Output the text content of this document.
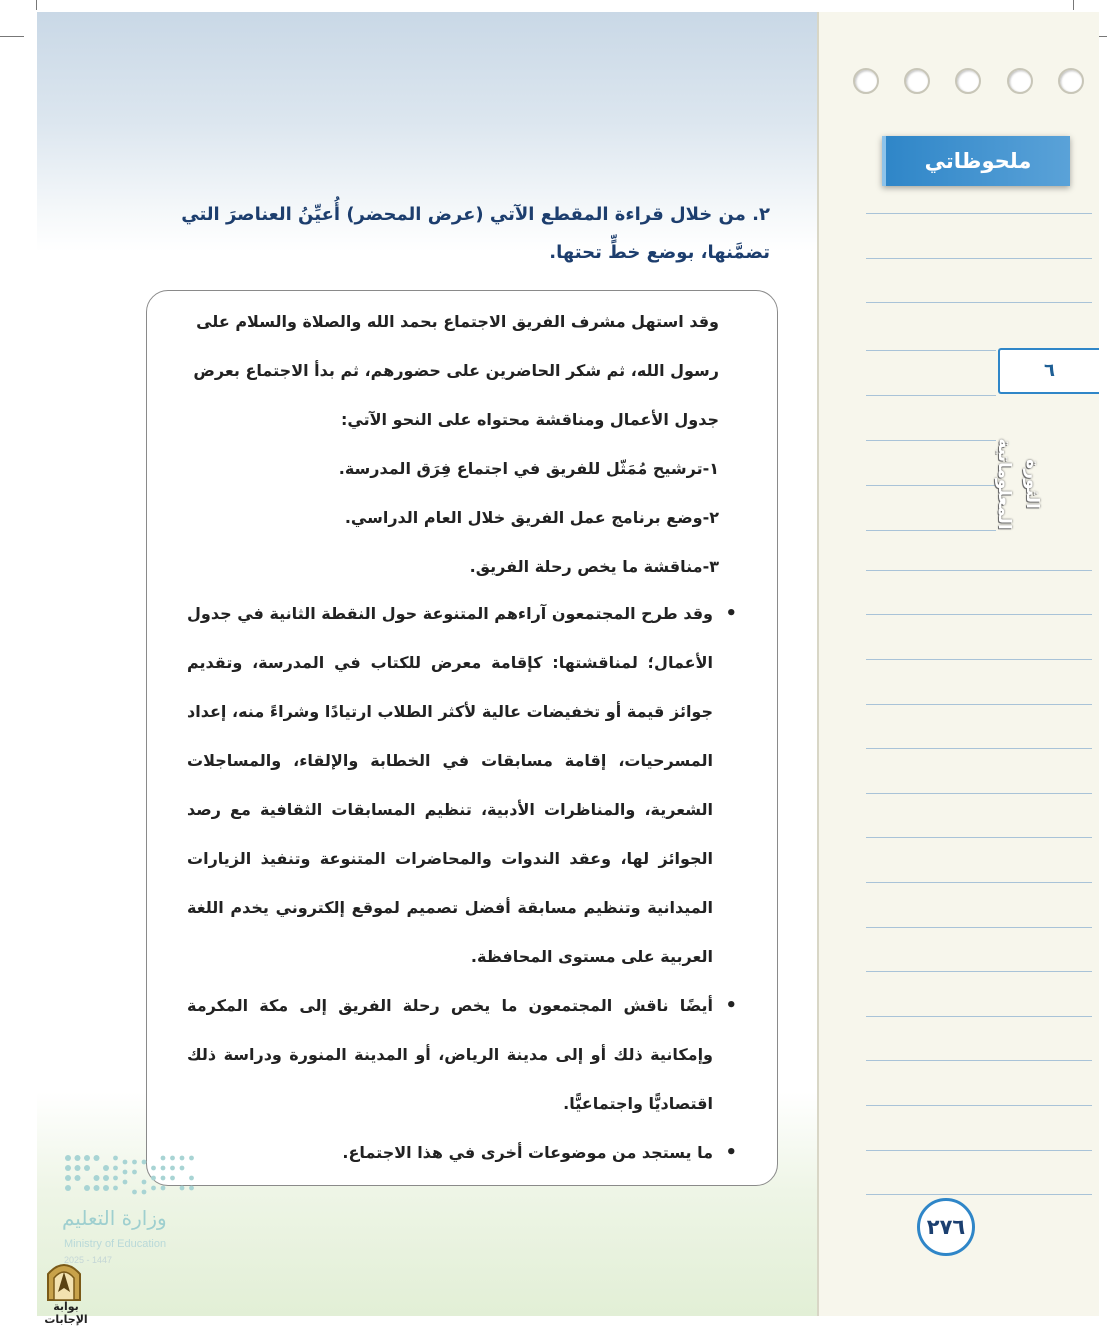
ملحوظاتي
٦
الثورة المعلوماتية
٢. من خلال قراءة المقطع الآتي (عرض المحضر) أُعيِّنُ العناصرَ التي تضمَّنها، بوضع خطٍّ تحتها.

وقد استهل مشرف الفريق الاجتماع بحمد الله والصلاة والسلام على رسول الله، ثم شكر الحاضرين على حضورهم، ثم بدأ الاجتماع بعرض جدول الأعمال ومناقشة محتواه على النحو الآتي:

١-ترشيح مُمَثّل للفريق في اجتماع فِرَق المدرسة.

٢-وضع برنامج عمل الفريق خلال العام الدراسي.

٣-مناقشة ما يخص رحلة الفريق.

• وقد طرح المجتمعون آراءهم المتنوعة حول النقطة الثانية في جدول الأعمال؛ لمناقشتها: كإقامة معرض للكتاب في المدرسة، وتقديم جوائز قيمة أو تخفيضات عالية لأكثر الطلاب ارتيادًا وشراءً منه، إعداد المسرحيات، إقامة مسابقات في الخطابة والإلقاء، والمساجلات الشعرية، والمناظرات الأدبية، تنظيم المسابقات الثقافية مع رصد الجوائز لها، وعقد الندوات والمحاضرات المتنوعة وتنفيذ الزيارات الميدانية وتنظيم مسابقة أفضل تصميم لموقع إلكتروني يخدم اللغة العربية على مستوى المحافظة.
• أيضًا ناقش المجتمعون ما يخص رحلة الفريق إلى مكة المكرمة وإمكانية ذلك أو إلى مدينة الرياض، أو المدينة المنورة ودراسة ذلك اقتصاديًّا واجتماعيًّا.
• ما يستجد من موضوعات أخرى في هذا الاجتماع.
٢٧٦
وزارة التعليم
Ministry of Education
2025 - 1447
بوابة الإجابات
